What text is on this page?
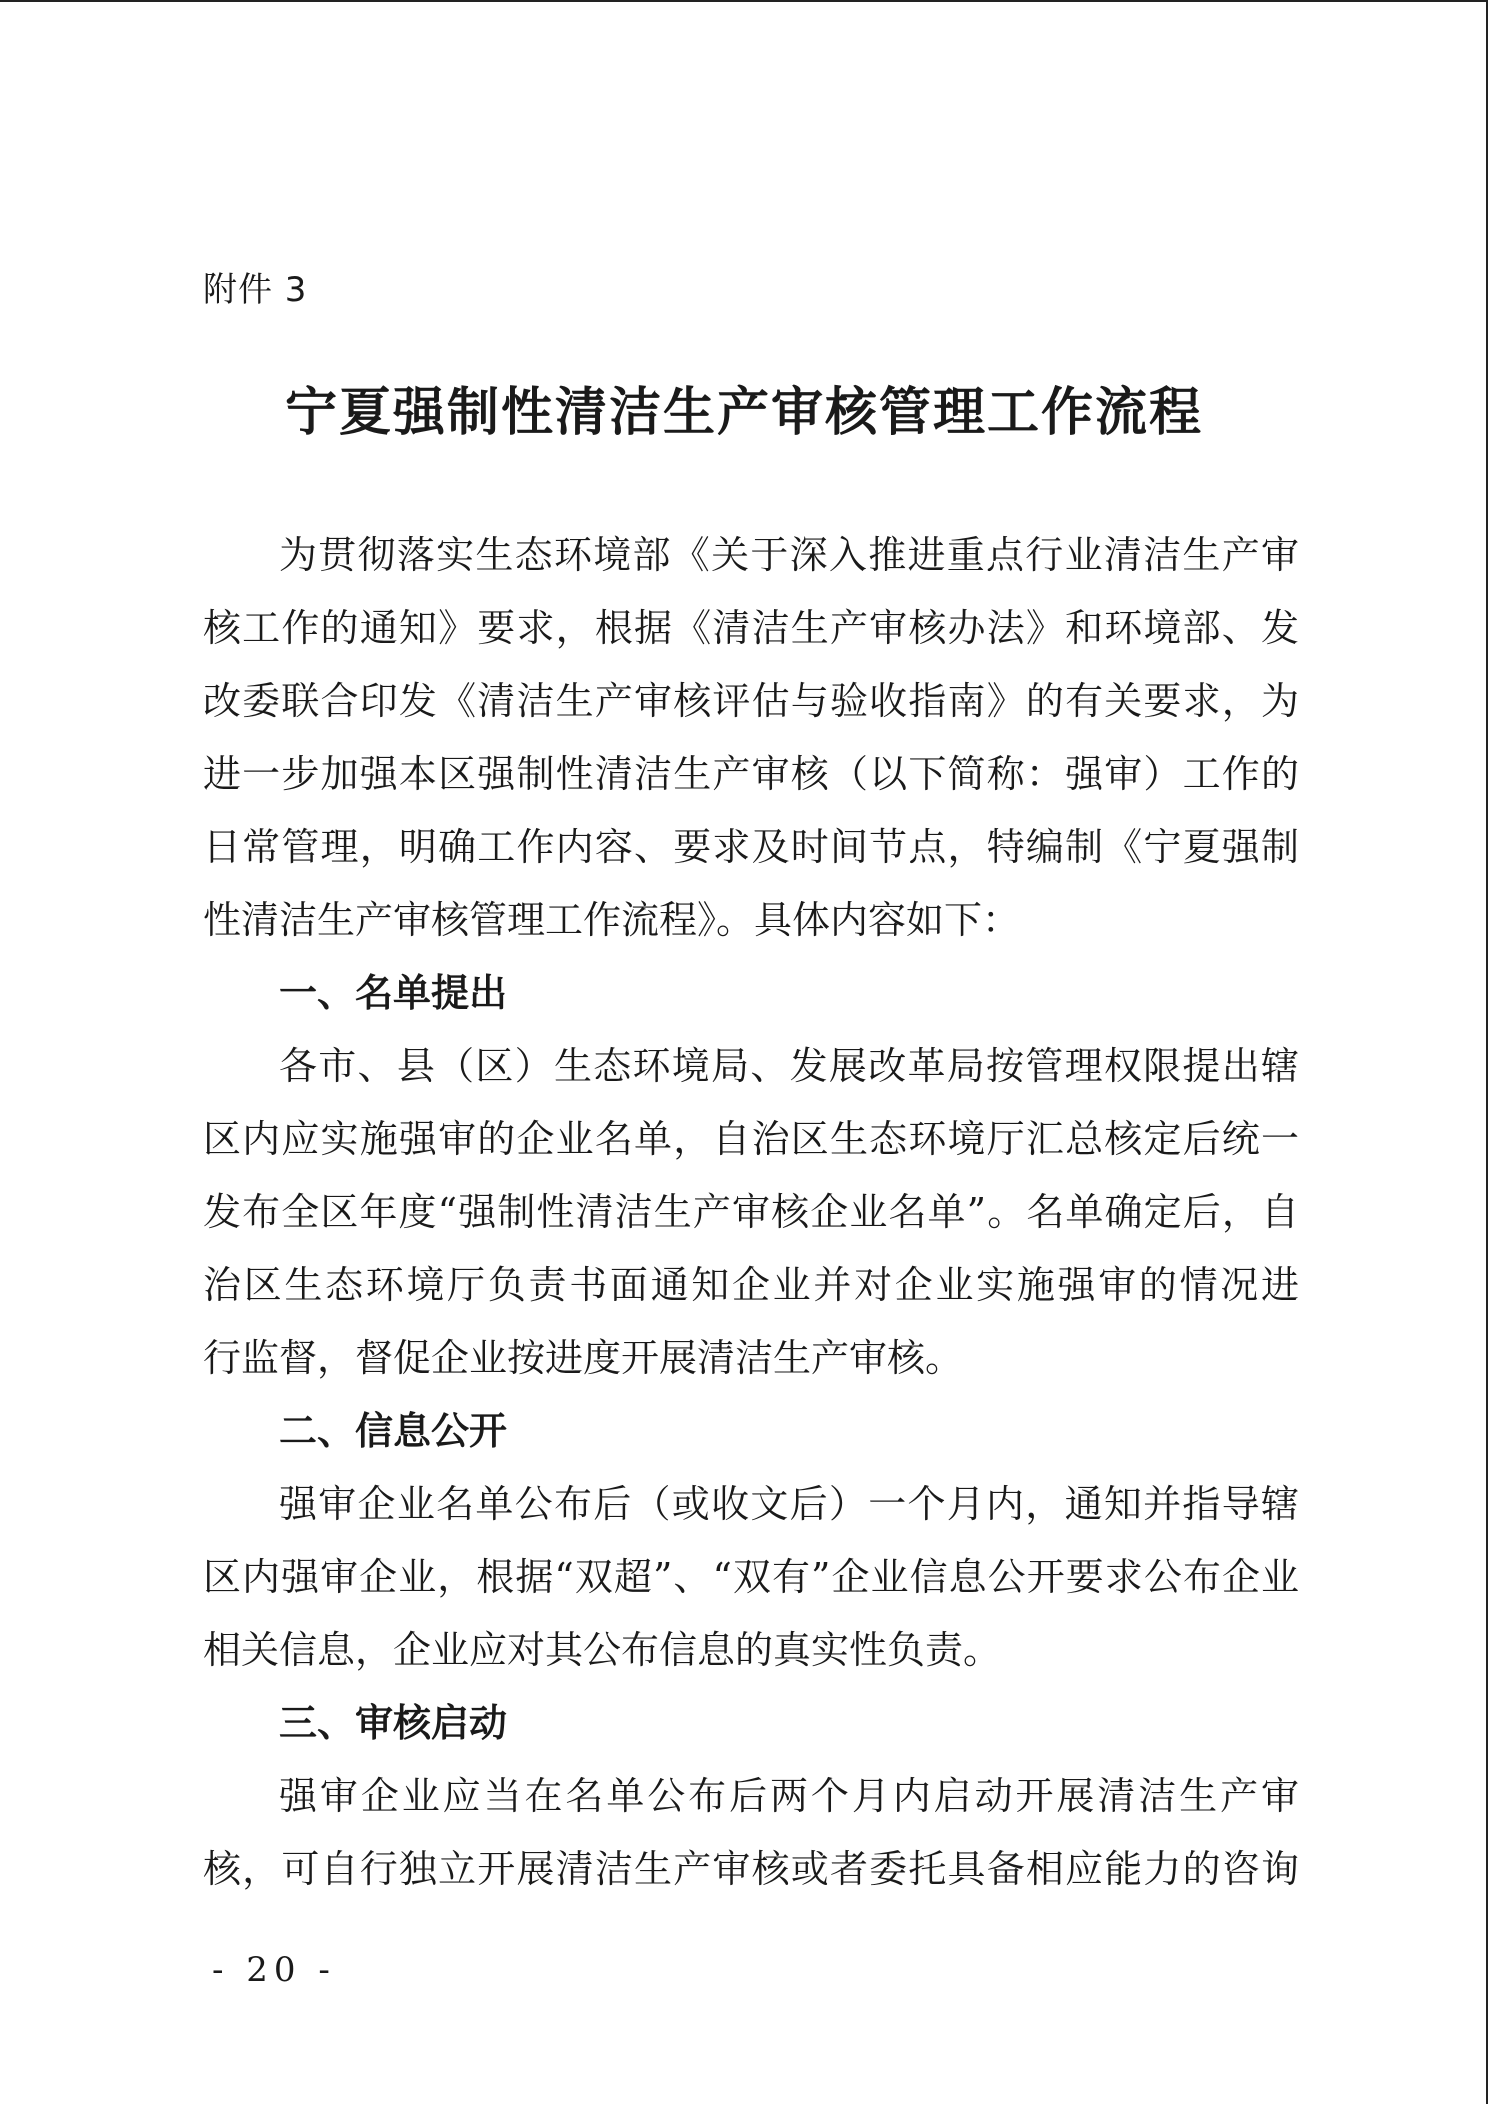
附件 3
宁夏强制性清洁生产审核管理工作流程
为贯彻落实生态环境部《关于深入推进重点行业清洁生产审
核工作的通知》要求，根据《清洁生产审核办法》和环境部、发
改委联合印发《清洁生产审核评估与验收指南》的有关要求，为
进一步加强本区强制性清洁生产审核（以下简称：强审）工作的
日常管理，明确工作内容、要求及时间节点，特编制《宁夏强制
性清洁生产审核管理工作流程》。具体内容如下：
一、名单提出
各市、县（区）生态环境局、发展改革局按管理权限提出辖
区内应实施强审的企业名单，自治区生态环境厅汇总核定后统一
发布全区年度“强制性清洁生产审核企业名单”。名单确定后，自
治区生态环境厅负责书面通知企业并对企业实施强审的情况进
行监督，督促企业按进度开展清洁生产审核。
二、信息公开
强审企业名单公布后（或收文后）一个月内，通知并指导辖
区内强审企业，根据“双超”、“双有”企业信息公开要求公布企业
相关信息，企业应对其公布信息的真实性负责。
三、审核启动
强审企业应当在名单公布后两个月内启动开展清洁生产审
核，可自行独立开展清洁生产审核或者委托具备相应能力的咨询
- 20 -
